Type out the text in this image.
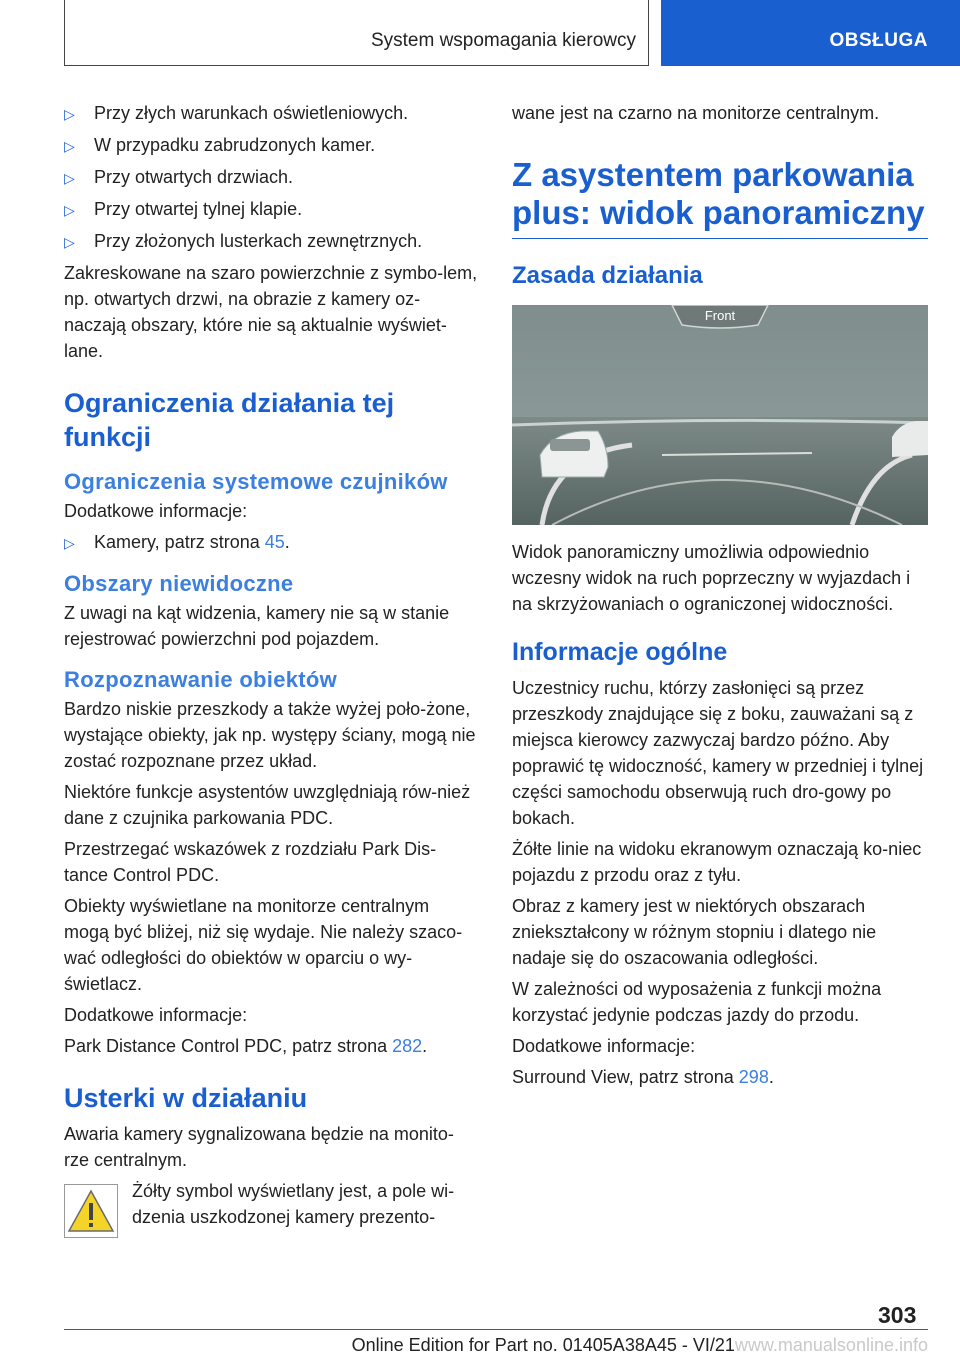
System wspomagania kierowcy	OBSŁUGA
▷	Przy złych warunkach oświetleniowych.
▷	W przypadku zabrudzonych kamer.
▷	Przy otwartych drzwiach.
▷	Przy otwartej tylnej klapie.
▷	Przy złożonych lusterkach zewnętrznych.
Zakreskowane na szaro powierzchnie z symbo-lem, np. otwartych drzwi, na obrazie z kamery oz-naczają obszary, które nie są aktualnie wyświet-lane.
Ograniczenia działania tej funkcji
Ograniczenia systemowe czujników
Dodatkowe informacje:
▷	Kamery, patrz strona 45.
Obszary niewidoczne
Z uwagi na kąt widzenia, kamery nie są w stanie rejestrować powierzchni pod pojazdem.
Rozpoznawanie obiektów
Bardzo niskie przeszkody a także wyżej poło-żone, wystające obiekty, jak np. występy ściany, mogą nie zostać rozpoznane przez układ.
Niektóre funkcje asystentów uwzględniają rów-nież dane z czujnika parkowania PDC.
Przestrzegać wskazówek z rozdziału Park Dis-tance Control PDC.
Obiekty wyświetlane na monitorze centralnym mogą być bliżej, niż się wydaje. Nie należy szaco-wać odległości do obiektów w oparciu o wy-świetlacz.
Dodatkowe informacje:
Park Distance Control PDC, patrz strona 282.
Usterki w działaniu
Awaria kamery sygnalizowana będzie na monito-rze centralnym.
Żółty symbol wyświetlany jest, a pole wi-dzenia uszkodzonej kamery prezento-
wane jest na czarno na monitorze centralnym.
Z asystentem parkowania plus: widok panoramiczny
Zasada działania
Front
Widok panoramiczny umożliwia odpowiednio wczesny widok na ruch poprzeczny w wyjazdach i na skrzyżowaniach o ograniczonej widoczności.
Informacje ogólne
Uczestnicy ruchu, którzy zasłonięci są przez przeszkody znajdujące się z boku, zauważani są z miejsca kierowcy zazwyczaj bardzo późno. Aby poprawić tę widoczność, kamery w przedniej i tylnej części samochodu obserwują ruch dro-gowy po bokach.
Żółte linie na widoku ekranowym oznaczają ko-niec pojazdu z przodu oraz z tyłu.
Obraz z kamery jest w niektórych obszarach zniekształcony w różnym stopniu i dlatego nie nadaje się do oszacowania odległości.
W zależności od wyposażenia z funkcji można korzystać jedynie podczas jazdy do przodu.
Dodatkowe informacje:
Surround View, patrz strona 298.
303
Online Edition for Part no. 01405A38A45 - VI/21www.manualsonline.info
